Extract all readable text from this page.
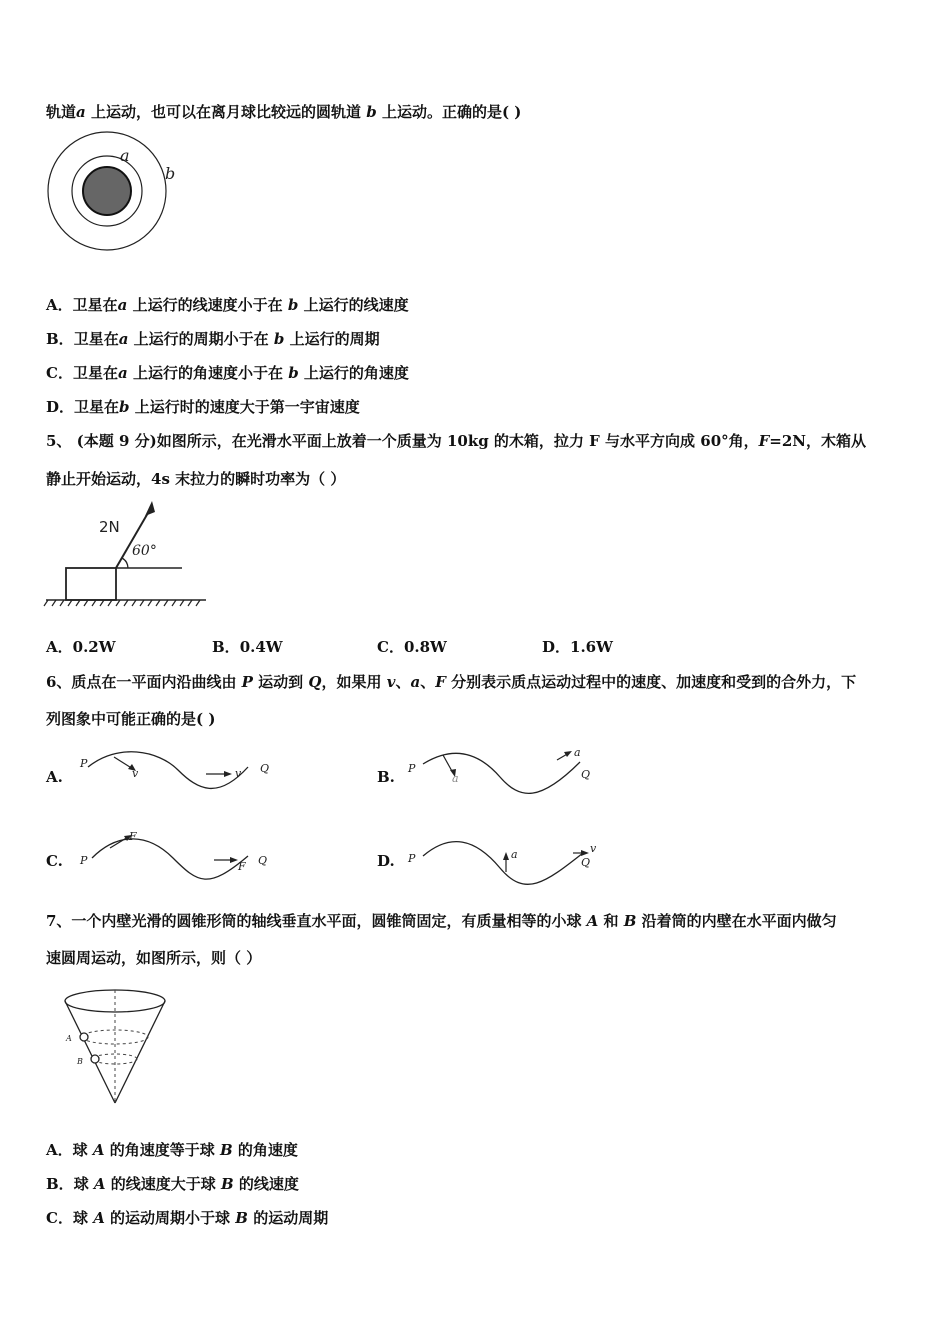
轨道a 上运动，也可以在离月球比较远的圆轨道 b 上运动。正确的是( )
a
b
A．卫星在a 上运行的线速度小于在 b 上运行的线速度
B．卫星在a 上运行的周期小于在 b 上运行的周期
C．卫星在a 上运行的角速度小于在 b 上运行的角速度
D．卫星在b 上运行时的速度大于第一宇宙速度
5、 (本题 9 分)如图所示，在光滑水平面上放着一个质量为 10kg 的木箱，拉力 F 与水平方向成 60°角，F=2N，木箱从
静止开始运动，4s 末拉力的瞬时功率为（ ）
2N
60°
A．0.2W	B．0.4W	C．0.8W	D．1.6W
6、质点在一平面内沿曲线由 P 运动到 Q，如果用 v、a、F 分别表示质点运动过程中的速度、加速度和受到的合外力，下
列图象中可能正确的是( )
A.
P
v	v Q	B. P
a
a
Q
C. P
F
F Q	D. P	a	v
Q
7、一个内壁光滑的圆锥形筒的轴线垂直水平面，圆锥筒固定，有质量相等的小球 A 和 B 沿着筒的内壁在水平面内做匀
速圆周运动，如图所示，则（ ）
A
B
A．球 A 的角速度等于球 B 的角速度
B．球 A 的线速度大于球 B 的线速度
C．球 A 的运动周期小于球 B 的运动周期
